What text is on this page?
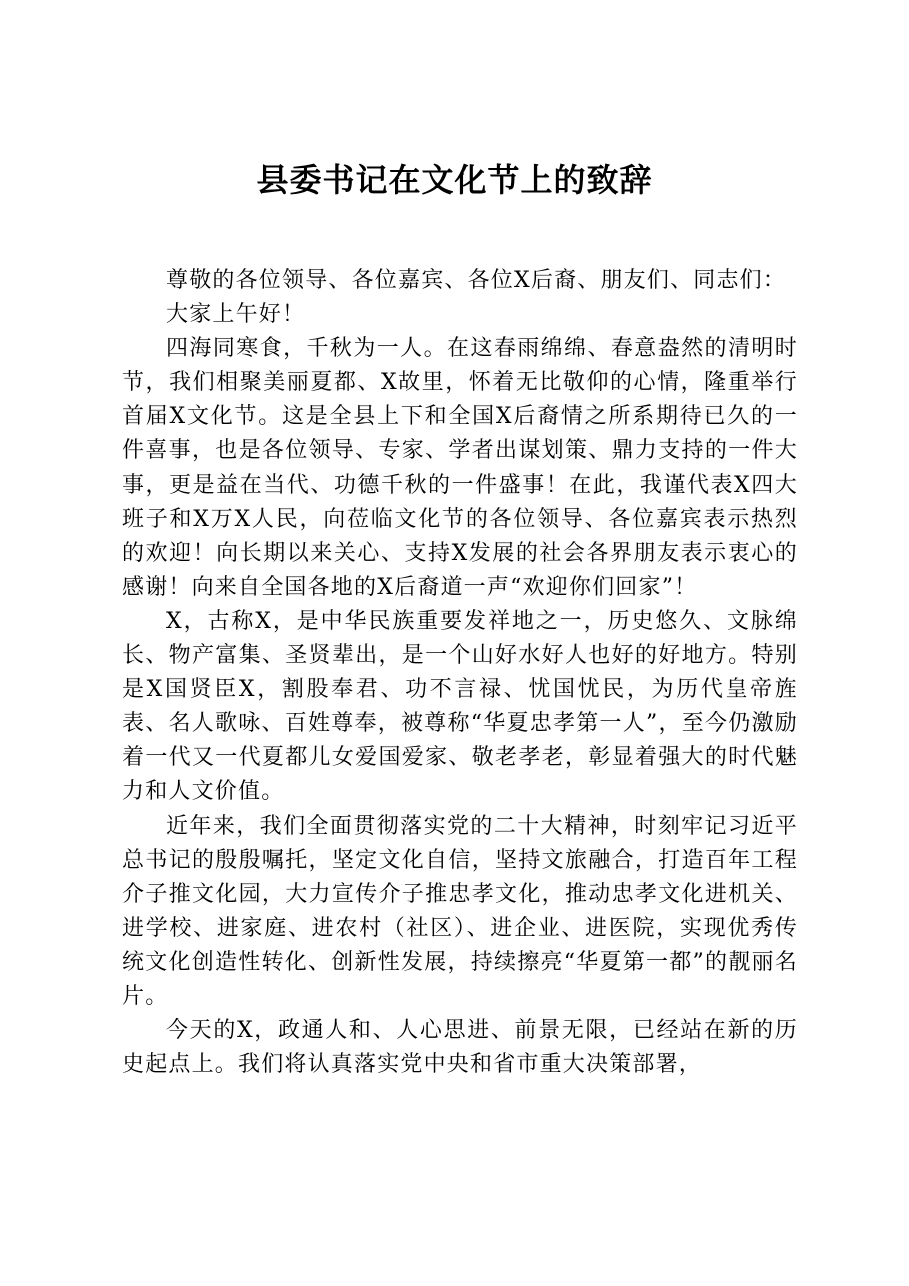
县委书记在文化节上的致辞

尊敬的各位领导、各位嘉宾、各位X后裔、朋友们、同志们：

大家上午好！

四海同寒食，千秋为一人。在这春雨绵绵、春意盎然的清明时节，我们相聚美丽夏都、X故里，怀着无比敬仰的心情，隆重举行首届X文化节。这是全县上下和全国X后裔情之所系期待已久的一件喜事，也是各位领导、专家、学者出谋划策、鼎力支持的一件大事，更是益在当代、功德千秋的一件盛事！在此，我谨代表X四大班子和X万X人民，向莅临文化节的各位领导、各位嘉宾表示热烈的欢迎！向长期以来关心、支持X发展的社会各界朋友表示衷心的感谢！向来自全国各地的X后裔道一声“欢迎你们回家”！

X，古称X，是中华民族重要发祥地之一，历史悠久、文脉绵长、物产富集、圣贤辈出，是一个山好水好人也好的好地方。特别是X国贤臣X，割股奉君、功不言禄、忧国忧民，为历代皇帝旌表、名人歌咏、百姓尊奉，被尊称“华夏忠孝第一人”，至今仍激励着一代又一代夏都儿女爱国爱家、敬老孝老，彰显着强大的时代魅力和人文价值。

近年来，我们全面贯彻落实党的二十大精神，时刻牢记习近平总书记的殷殷嘱托，坚定文化自信，坚持文旅融合，打造百年工程介子推文化园，大力宣传介子推忠孝文化，推动忠孝文化进机关、进学校、进家庭、进农村（社区）、进企业、进医院，实现优秀传统文化创造性转化、创新性发展，持续擦亮“华夏第一都”的靓丽名片。

今天的X，政通人和、人心思进、前景无限，已经站在新的历史起点上。我们将认真落实党中央和省市重大决策部署，
